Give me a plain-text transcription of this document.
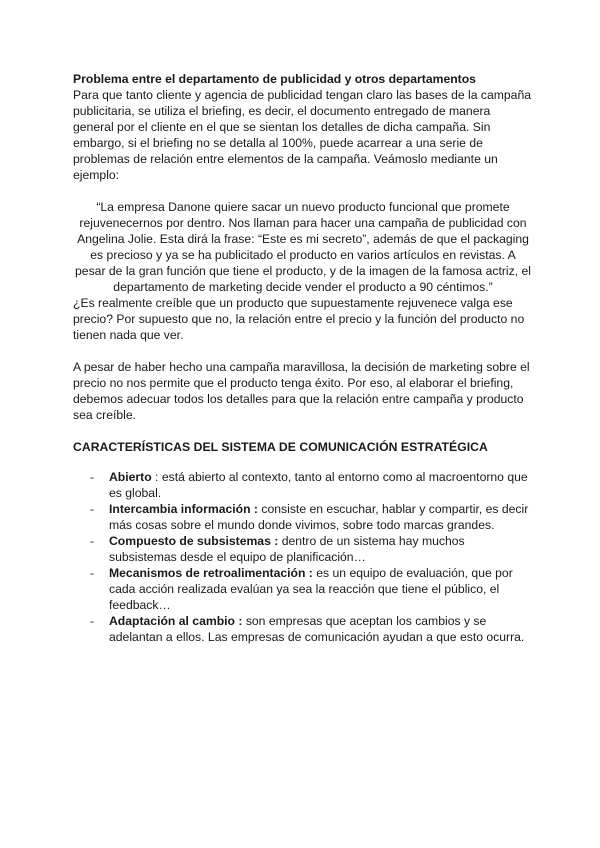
Problema entre el departamento de publicidad y otros departamentos

Para que tanto cliente y agencia de publicidad tengan claro las bases de la campaña publicitaria, se utiliza el briefing, es decir, el documento entregado de manera general por el cliente en el que se sientan los detalles de dicha campaña. Sin embargo, si el briefing no se detalla al 100%, puede acarrear a una serie de problemas de relación entre elementos de la campaña. Veámoslo mediante un ejemplo:

“La empresa Danone quiere sacar un nuevo producto funcional que promete rejuvenecernos por dentro. Nos llaman para hacer una campaña de publicidad con Angelina Jolie. Esta dirá la frase: “Este es mi secreto”, además de que el packaging es precioso y ya se ha publicitado el producto en varios artículos en revistas. A pesar de la gran función que tiene el producto, y de la imagen de la famosa actriz, el departamento de marketing decide vender el producto a 90 céntimos.”

¿Es realmente creíble que un producto que supuestamente rejuvenece valga ese precio? Por supuesto que no, la relación entre el precio y la función del producto no tienen nada que ver.

A pesar de haber hecho una campaña maravillosa, la decisión de marketing sobre el precio no nos permite que el producto tenga éxito. Por eso, al elaborar el briefing, debemos adecuar todos los detalles para que la relación entre campaña y producto sea creíble.

CARACTERÍSTICAS DEL SISTEMA DE COMUNICACIÓN ESTRATÉGICA

- Abierto : está abierto al contexto, tanto al entorno como al macroentorno que es global.
- Intercambia información : consiste en escuchar, hablar y compartir, es decir más cosas sobre el mundo donde vivimos, sobre todo marcas grandes.
- Compuesto de subsistemas : dentro de un sistema hay muchos subsistemas desde el equipo de planificación…
- Mecanismos de retroalimentación : es un equipo de evaluación, que por cada acción realizada evalúan ya sea la reacción que tiene el público, el feedback…
- Adaptación al cambio : son empresas que aceptan los cambios y se adelantan a ellos. Las empresas de comunicación ayudan a que esto ocurra.
